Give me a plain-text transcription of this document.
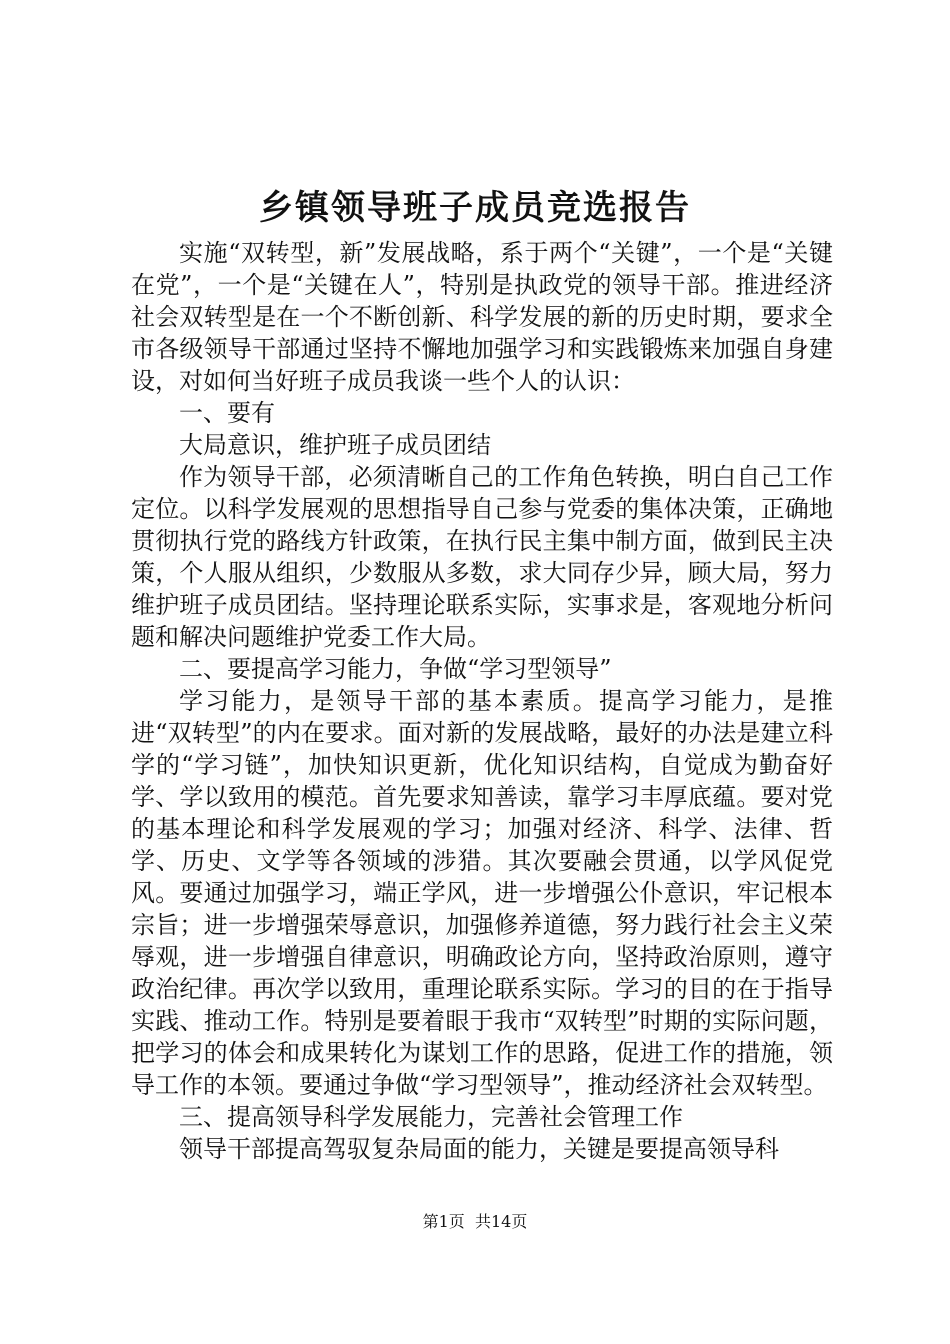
乡镇领导班子成员竞选报告

实施“双转型，新”发展战略，系于两个“关键”，一个是“关键在党”，一个是“关键在人”，特别是执政党的领导干部。推进经济社会双转型是在一个不断创新、科学发展的新的历史时期，要求全市各级领导干部通过坚持不懈地加强学习和实践锻炼来加强自身建设，对如何当好班子成员我谈一些个人的认识：

一、要有

大局意识，维护班子成员团结

作为领导干部，必须清晰自己的工作角色转换，明白自己工作定位。以科学发展观的思想指导自己参与党委的集体决策，正确地贯彻执行党的路线方针政策，在执行民主集中制方面，做到民主决策，个人服从组织，少数服从多数，求大同存少异，顾大局，努力维护班子成员团结。坚持理论联系实际，实事求是，客观地分析问题和解决问题维护党委工作大局。

二、要提高学习能力，争做“学习型领导”

学习能力，是领导干部的基本素质。提高学习能力，是推进“双转型”的内在要求。面对新的发展战略，最好的办法是建立科学的“学习链”，加快知识更新，优化知识结构，自觉成为勤奋好学、学以致用的模范。首先要求知善读，靠学习丰厚底蕴。要对党的基本理论和科学发展观的学习；加强对经济、科学、法律、哲学、历史、文学等各领域的涉猎。其次要融会贯通，以学风促党风。要通过加强学习，端正学风，进一步增强公仆意识，牢记根本宗旨；进一步增强荣辱意识，加强修养道德，努力践行社会主义荣辱观，进一步增强自律意识，明确政论方向，坚持政治原则，遵守政治纪律。再次学以致用，重理论联系实际。学习的目的在于指导实践、推动工作。特别是要着眼于我市“双转型”时期的实际问题，把学习的体会和成果转化为谋划工作的思路，促进工作的措施，领导工作的本领。要通过争做“学习型领导”，推动经济社会双转型。

三、提高领导科学发展能力，完善社会管理工作

领导干部提高驾驭复杂局面的能力，关键是要提高领导科

第1页 共14页
